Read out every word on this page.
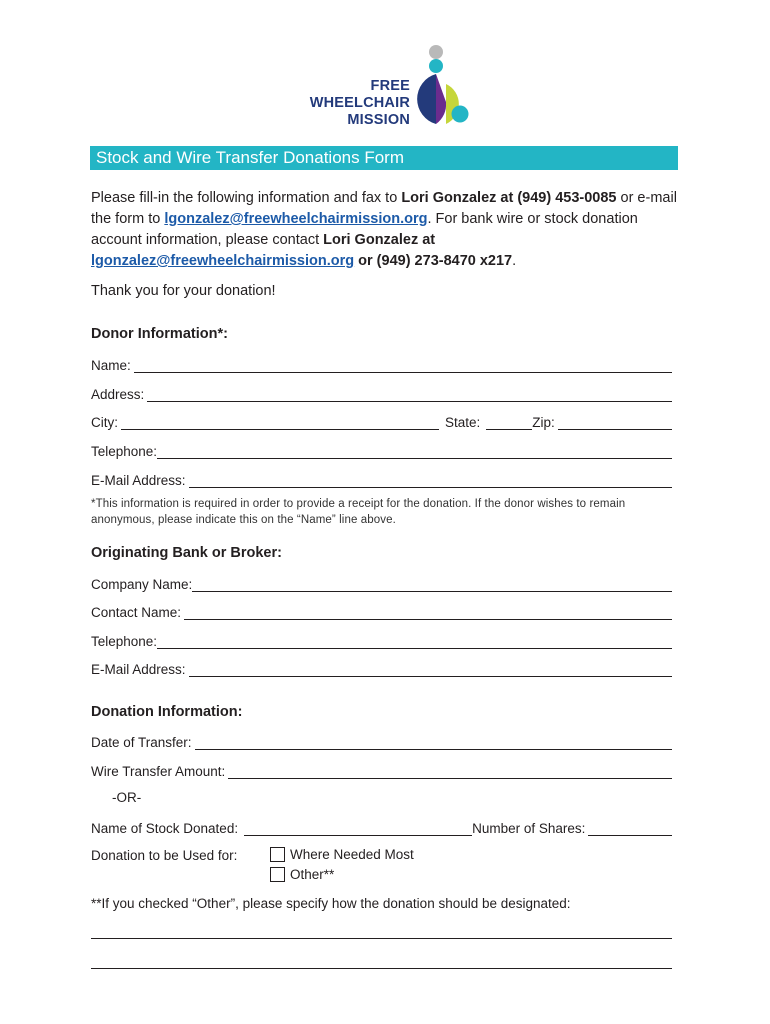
FREE
WHEELCHAIR
MISSION
Stock and Wire Transfer Donations Form
Please fill-in the following information and fax to Lori Gonzalez at (949) 453-0085 or e-mail the form to lgonzalez@freewheelchairmission.org. For bank wire or stock donation account information, please contact Lori Gonzalez at lgonzalez@freewheelchairmission.org or (949) 273-8470 x217.
Thank you for your donation!
Donor Information*:
Name:
Address:
City:	State:	Zip:
Telephone:
E-Mail Address:
*This information is required in order to provide a receipt for the donation. If the donor wishes to remain anonymous, please indicate this on the “Name” line above.
Originating Bank or Broker:
Company Name:
Contact Name:
Telephone:
E-Mail Address:
Donation Information:
Date of Transfer:
Wire Transfer Amount:
-OR-
Name of Stock Donated:	Number of Shares:
Donation to be Used for:	Where Needed Most
Other**
**If you checked “Other”, please specify how the donation should be designated:
